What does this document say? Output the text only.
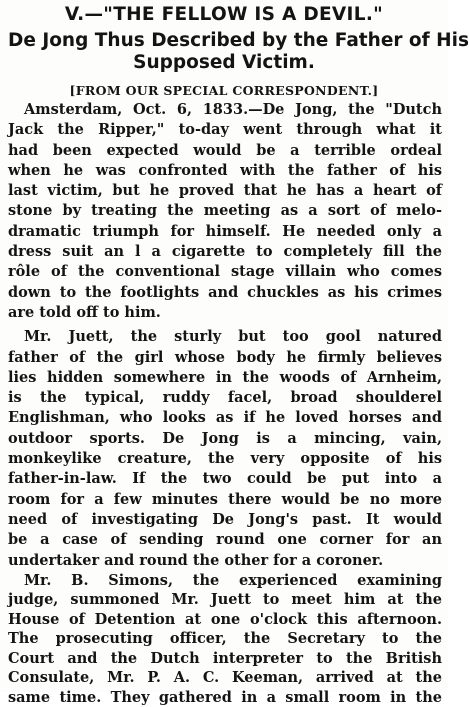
V.—"THE FELLOW IS A DEVIL."
De Jong Thus Described by the Father of His
Supposed Victim.
[FROM OUR SPECIAL CORRESPONDENT.]
Amsterdam, Oct. 6, 1833.—De Jong, the "Dutch
Jack the Ripper," to-day went through what it
had been expected would be a terrible ordeal
when he was confronted with the father of his
last victim, but he proved that he has a heart of
stone by treating the meeting as a sort of melo-
dramatic triumph for himself. He needed only a
dress suit an l a cigarette to completely fill the
rôle of the conventional stage villain who comes
down to the footlights and chuckles as his crimes
are told off to him.
Mr. Juett, the sturly but too gool natured
father of the girl whose body he firmly believes
lies hidden somewhere in the woods of Arnheim,
is the typical, ruddy facel, broad shoulderel
Englishman, who looks as if he loved horses and
outdoor sports. De Jong is a mincing, vain,
monkeylike creature, the very opposite of his
father-in-law. If the two could be put into a
room for a few minutes there would be no more
need of investigating De Jong's past. It would
be a case of sending round one corner for an
undertaker and round the other for a coroner.
Mr. B. Simons, the experienced examining
judge, summoned Mr. Juett to meet him at the
House of Detention at one o'clock this afternoon.
The prosecuting officer, the Secretary to the
Court and the Dutch interpreter to the British
Consulate, Mr. P. A. C. Keeman, arrived at the
same time. They gathered in a small room in the
